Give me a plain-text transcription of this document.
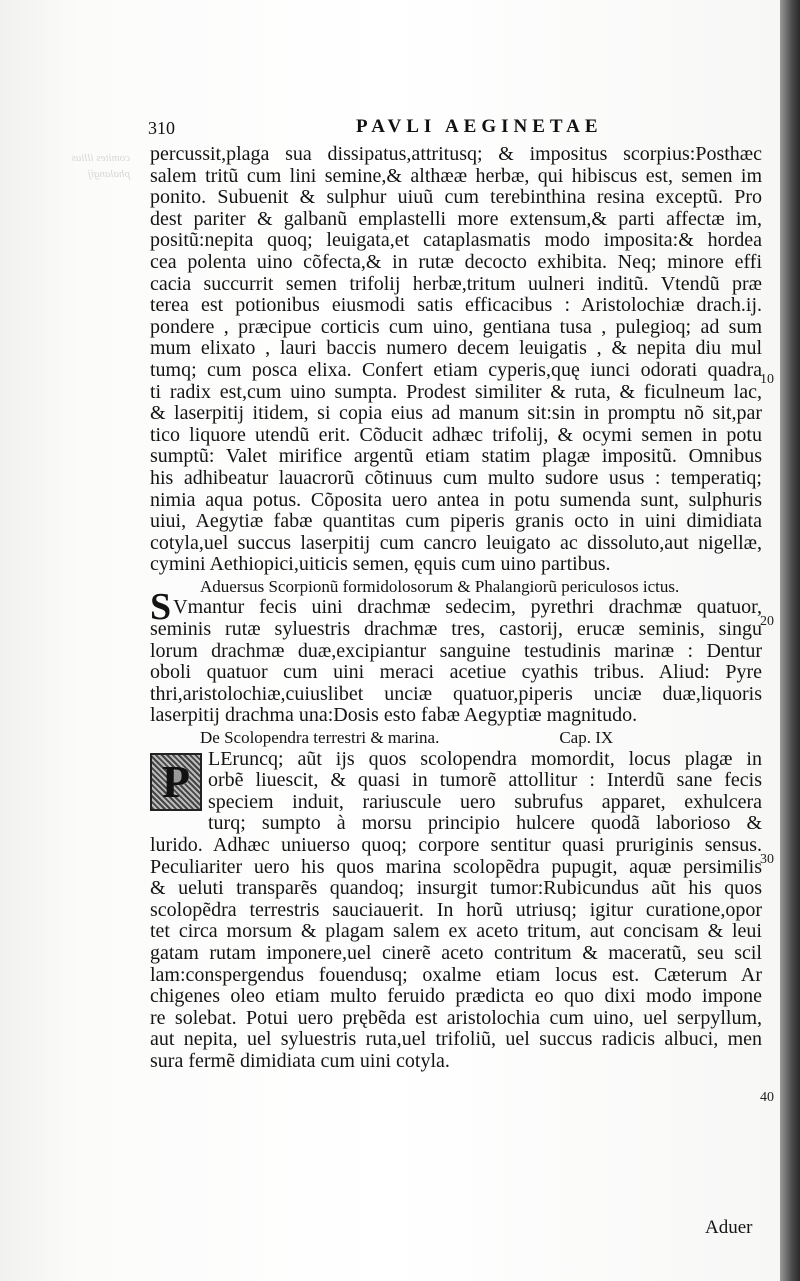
comites illius
phalangij
310	PAVLI AEGINETAE
percussit,plaga sua dissipatus,attritusq; & impositus scorpius:Posthæc
salem tritũ cum lini semine,& althææ herbæ, qui hibiscus est, semen im
ponito. Subuenit & sulphur uiuũ cum terebinthina resina exceptũ. Pro
dest pariter & galbanũ emplastelli more extensum,& parti affectæ im,
positũ:nepita quoq; leuigata,et cataplasmatis modo imposita:& hordea
cea polenta uino cõfecta,& in rutæ decocto exhibita. Neq; minore effi
cacia succurrit semen trifolij herbæ,tritum uulneri inditũ. Vtendũ præ
terea est potionibus eiusmodi satis efficacibus : Aristolochiæ drach.ij.
pondere , præcipue corticis cum uino, gentiana tusa , pulegioq; ad sum
mum elixato , lauri baccis numero decem leuigatis , & nepita diu mul
tumq; cum posca elixa. Confert etiam cyperis,quę iunci odorati quadra
ti radix est,cum uino sumpta. Prodest similiter & ruta, & ficulneum lac,
& laserpitij itidem, si copia eius ad manum sit:sin in promptu nõ sit,par
tico liquore utendũ erit. Cõducit adhæc trifolij, & ocymi semen in potu
sumptũ: Valet mirifice argentũ etiam statim plagæ impositũ. Omnibus
his adhibeatur lauacrorũ cõtinuus cum multo sudore usus : temperatiq;
nimia aqua potus. Cõposita uero antea in potu sumenda sunt, sulphuris
uiui, Aegytiæ fabæ quantitas cum piperis granis octo in uini dimidiata
cotyla,uel succus laserpitij cum cancro leuigato ac dissoluto,aut nigellæ,
cymini Aethiopici,uiticis semen, ęquis cum uino partibus.
Aduersus Scorpionũ formidolosorum & Phalangiorũ periculosos ictus.
S Vmantur fecis uini drachmæ sedecim, pyrethri drachmæ quatuor,
seminis rutæ syluestris drachmæ tres, castorij, erucæ seminis, singu
lorum drachmæ duæ,excipiantur sanguine testudinis marinæ : Dentur
oboli quatuor cum uini meraci acetiue cyathis tribus. Aliud: Pyre
thri,aristolochiæ,cuiuslibet unciæ quatuor,piperis unciæ duæ,liquoris
laserpitij drachma una:Dosis esto fabæ Aegyptiæ magnitudo.
De Scolopendra terrestri & marina.	Cap. IX
P LEruncq; aũt ijs quos scolopendra momordit, locus plagæ in
orbẽ liuescit, & quasi in tumorẽ attollitur : Interdũ sane fecis
speciem induit, rariuscule uero subrufus apparet, exhulcera
turq; sumpto à morsu principio hulcere quodã laborioso &
lurido. Adhæc uniuerso quoq; corpore sentitur quasi pruriginis sensus.
Peculiariter uero his quos marina scolopẽdra pupugit, aquæ persimilis
& ueluti transparẽs quandoq; insurgit tumor:Rubicundus aũt his quos
scolopẽdra terrestris sauciauerit. In horũ utriusq; igitur curatione,opor
tet circa morsum & plagam salem ex aceto tritum, aut concisam & leui
gatam rutam imponere,uel cinerẽ aceto contritum & maceratũ, seu scil
lam:conspergendus fouendusq; oxalme etiam locus est. Cæterum Ar
chigenes oleo etiam multo feruido prædicta eo quo dixi modo impone
re solebat. Potui uero prębẽda est aristolochia cum uino, uel serpyllum,
aut nepita, uel syluestris ruta,uel trifoliũ, uel succus radicis albuci, men
sura fermẽ dimidiata cum uini cotyla.
10
20
30
40
Aduer
